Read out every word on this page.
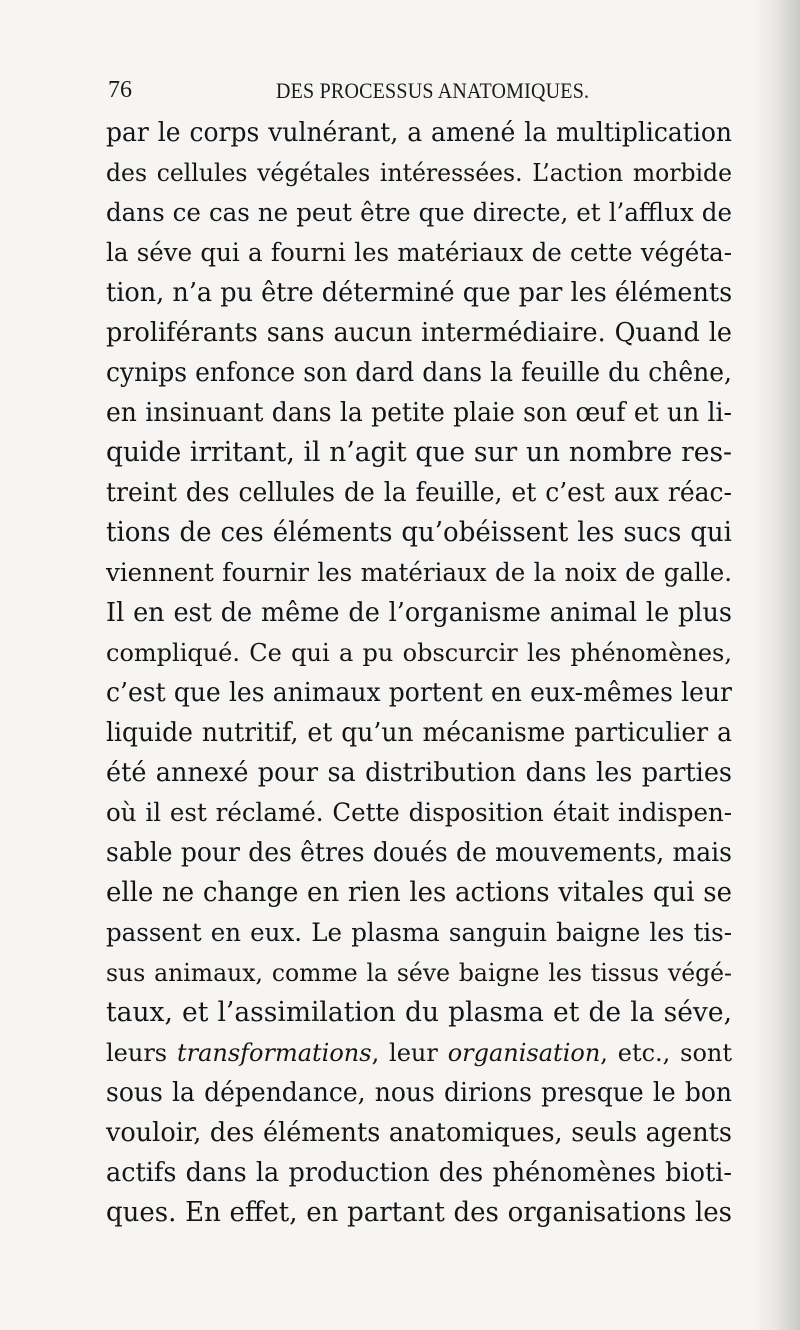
76	DES PROCESSUS ANATOMIQUES.
par le corps vulnérant, a amené la multiplication
des cellules végétales intéressées. L’action morbide
dans ce cas ne peut être que directe, et l’afflux de
la séve qui a fourni les matériaux de cette végéta-
tion, n’a pu être déterminé que par les éléments
proliférants sans aucun intermédiaire. Quand le
cynips enfonce son dard dans la feuille du chêne,
en insinuant dans la petite plaie son œuf et un li-
quide irritant, il n’agit que sur un nombre res-
treint des cellules de la feuille, et c’est aux réac-
tions de ces éléments qu’obéissent les sucs qui
viennent fournir les matériaux de la noix de galle.
Il en est de même de l’organisme animal le plus
compliqué. Ce qui a pu obscurcir les phénomènes,
c’est que les animaux portent en eux-mêmes leur
liquide nutritif, et qu’un mécanisme particulier a
été annexé pour sa distribution dans les parties
où il est réclamé. Cette disposition était indispen-
sable pour des êtres doués de mouvements, mais
elle ne change en rien les actions vitales qui se
passent en eux. Le plasma sanguin baigne les tis-
sus animaux, comme la séve baigne les tissus végé-
taux, et l’assimilation du plasma et de la séve,
leurs transformations, leur organisation, etc., sont
sous la dépendance, nous dirions presque le bon
vouloir, des éléments anatomiques, seuls agents
actifs dans la production des phénomènes bioti-
ques. En effet, en partant des organisations les
